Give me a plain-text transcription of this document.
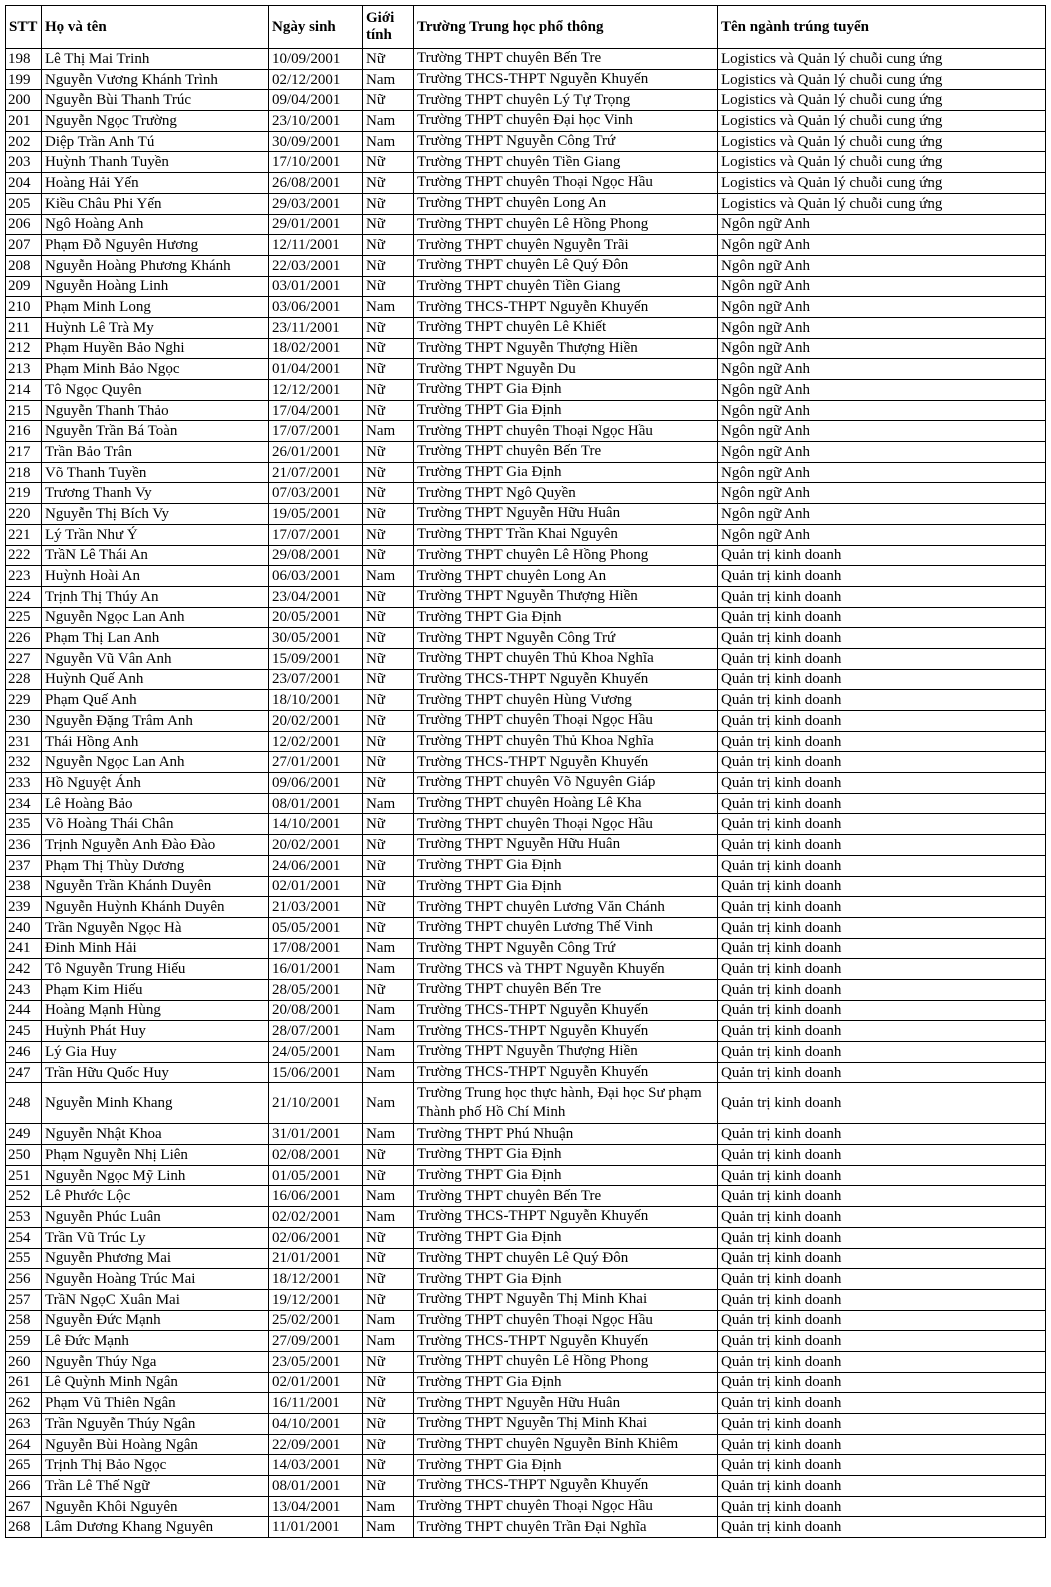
STT	Họ và tên	Ngày sinh	Giới tính	Trường Trung học phổ thông	Tên ngành trúng tuyển
198	Lê Thị Mai Trinh	10/09/2001	Nữ	Trường THPT chuyên Bến Tre	Logistics và Quản lý chuỗi cung ứng
199	Nguyễn Vương Khánh Trình	02/12/2001	Nam	Trường THCS-THPT Nguyễn Khuyến	Logistics và Quản lý chuỗi cung ứng
200	Nguyễn Bùi Thanh Trúc	09/04/2001	Nữ	Trường THPT chuyên Lý Tự Trọng	Logistics và Quản lý chuỗi cung ứng
201	Nguyễn Ngọc Trường	23/10/2001	Nam	Trường THPT chuyên Đại học Vinh	Logistics và Quản lý chuỗi cung ứng
202	Diệp Trần Anh Tú	30/09/2001	Nam	Trường THPT Nguyễn Công Trứ	Logistics và Quản lý chuỗi cung ứng
203	Huỳnh Thanh Tuyền	17/10/2001	Nữ	Trường THPT chuyên Tiền Giang	Logistics và Quản lý chuỗi cung ứng
204	Hoàng Hải Yến	26/08/2001	Nữ	Trường THPT chuyên Thoại Ngọc Hầu	Logistics và Quản lý chuỗi cung ứng
205	Kiều Châu Phi Yến	29/03/2001	Nữ	Trường THPT chuyên Long An	Logistics và Quản lý chuỗi cung ứng
206	Ngô Hoàng Anh	29/01/2001	Nữ	Trường THPT chuyên Lê Hồng Phong	Ngôn ngữ Anh
207	Phạm Đỗ Nguyên Hương	12/11/2001	Nữ	Trường THPT chuyên Nguyễn Trãi	Ngôn ngữ Anh
208	Nguyễn Hoàng Phương Khánh	22/03/2001	Nữ	Trường THPT chuyên Lê Quý Đôn	Ngôn ngữ Anh
209	Nguyễn Hoàng Linh	03/01/2001	Nữ	Trường THPT chuyên Tiền Giang	Ngôn ngữ Anh
210	Phạm Minh Long	03/06/2001	Nam	Trường THCS-THPT Nguyễn Khuyến	Ngôn ngữ Anh
211	Huỳnh Lê Trà My	23/11/2001	Nữ	Trường THPT chuyên Lê Khiết	Ngôn ngữ Anh
212	Phạm Huyền Bảo Nghi	18/02/2001	Nữ	Trường THPT Nguyễn Thượng Hiền	Ngôn ngữ Anh
213	Phạm Minh Bảo Ngọc	01/04/2001	Nữ	Trường THPT Nguyễn Du	Ngôn ngữ Anh
214	Tô Ngọc Quyên	12/12/2001	Nữ	Trường THPT Gia Định	Ngôn ngữ Anh
215	Nguyễn Thanh Thảo	17/04/2001	Nữ	Trường THPT Gia Định	Ngôn ngữ Anh
216	Nguyễn Trần Bá Toàn	17/07/2001	Nam	Trường THPT chuyên Thoại Ngọc Hầu	Ngôn ngữ Anh
217	Trần Bảo Trân	26/01/2001	Nữ	Trường THPT chuyên Bến Tre	Ngôn ngữ Anh
218	Võ Thanh Tuyền	21/07/2001	Nữ	Trường THPT Gia Định	Ngôn ngữ Anh
219	Trương Thanh Vy	07/03/2001	Nữ	Trường THPT Ngô Quyền	Ngôn ngữ Anh
220	Nguyễn Thị Bích Vy	19/05/2001	Nữ	Trường THPT Nguyễn Hữu Huân	Ngôn ngữ Anh
221	Lý Trần Như Ý	17/07/2001	Nữ	Trường THPT Trần Khai Nguyên	Ngôn ngữ Anh
222	TrầN Lê Thái An	29/08/2001	Nữ	Trường THPT chuyên Lê Hồng Phong	Quản trị kinh doanh
223	Huỳnh Hoài An	06/03/2001	Nam	Trường THPT chuyên Long An	Quản trị kinh doanh
224	Trịnh Thị Thúy An	23/04/2001	Nữ	Trường THPT Nguyễn Thượng Hiền	Quản trị kinh doanh
225	Nguyễn Ngọc Lan Anh	20/05/2001	Nữ	Trường THPT Gia Định	Quản trị kinh doanh
226	Phạm Thị Lan Anh	30/05/2001	Nữ	Trường THPT Nguyễn Công Trứ	Quản trị kinh doanh
227	Nguyễn Vũ Vân Anh	15/09/2001	Nữ	Trường THPT chuyên Thủ Khoa Nghĩa	Quản trị kinh doanh
228	Huỳnh Quế Anh	23/07/2001	Nữ	Trường THCS-THPT Nguyễn Khuyến	Quản trị kinh doanh
229	Phạm Quế Anh	18/10/2001	Nữ	Trường THPT chuyên Hùng Vương	Quản trị kinh doanh
230	Nguyễn Đặng Trâm Anh	20/02/2001	Nữ	Trường THPT chuyên Thoại Ngọc Hầu	Quản trị kinh doanh
231	Thái Hồng Anh	12/02/2001	Nữ	Trường THPT chuyên Thủ Khoa Nghĩa	Quản trị kinh doanh
232	Nguyễn Ngọc Lan Anh	27/01/2001	Nữ	Trường THCS-THPT Nguyễn Khuyến	Quản trị kinh doanh
233	Hồ Nguyệt Ánh	09/06/2001	Nữ	Trường THPT chuyên Võ Nguyên Giáp	Quản trị kinh doanh
234	Lê Hoàng Bảo	08/01/2001	Nam	Trường THPT chuyên Hoàng Lê Kha	Quản trị kinh doanh
235	Võ Hoàng Thái Chân	14/10/2001	Nữ	Trường THPT chuyên Thoại Ngọc Hầu	Quản trị kinh doanh
236	Trịnh Nguyễn Anh Đào Đào	20/02/2001	Nữ	Trường THPT Nguyễn Hữu Huân	Quản trị kinh doanh
237	Phạm Thị Thùy Dương	24/06/2001	Nữ	Trường THPT Gia Định	Quản trị kinh doanh
238	Nguyễn Trần Khánh Duyên	02/01/2001	Nữ	Trường THPT Gia Định	Quản trị kinh doanh
239	Nguyễn Huỳnh Khánh Duyên	21/03/2001	Nữ	Trường THPT chuyên Lương Văn Chánh	Quản trị kinh doanh
240	Trần Nguyễn Ngọc Hà	05/05/2001	Nữ	Trường THPT chuyên Lương Thế Vinh	Quản trị kinh doanh
241	Đinh Minh Hải	17/08/2001	Nam	Trường THPT Nguyễn Công Trứ	Quản trị kinh doanh
242	Tô Nguyễn Trung Hiếu	16/01/2001	Nam	Trường THCS và THPT Nguyễn Khuyến	Quản trị kinh doanh
243	Phạm Kim Hiếu	28/05/2001	Nữ	Trường THPT chuyên Bến Tre	Quản trị kinh doanh
244	Hoàng Mạnh Hùng	20/08/2001	Nam	Trường THCS-THPT Nguyễn Khuyến	Quản trị kinh doanh
245	Huỳnh Phát Huy	28/07/2001	Nam	Trường THCS-THPT Nguyễn Khuyến	Quản trị kinh doanh
246	Lý Gia Huy	24/05/2001	Nam	Trường THPT Nguyễn Thượng Hiền	Quản trị kinh doanh
247	Trần Hữu Quốc Huy	15/06/2001	Nam	Trường THCS-THPT Nguyễn Khuyến	Quản trị kinh doanh
248	Nguyễn Minh Khang	21/10/2001	Nam	Trường Trung học thực hành, Đại học Sư phạm Thành phố Hồ Chí Minh	Quản trị kinh doanh
249	Nguyễn Nhật Khoa	31/01/2001	Nam	Trường THPT Phú Nhuận	Quản trị kinh doanh
250	Phạm Nguyễn Nhị Liên	02/08/2001	Nữ	Trường THPT Gia Định	Quản trị kinh doanh
251	Nguyễn Ngọc Mỹ Linh	01/05/2001	Nữ	Trường THPT Gia Định	Quản trị kinh doanh
252	Lê Phước Lộc	16/06/2001	Nam	Trường THPT chuyên Bến Tre	Quản trị kinh doanh
253	Nguyễn Phúc Luân	02/02/2001	Nam	Trường THCS-THPT Nguyễn Khuyến	Quản trị kinh doanh
254	Trần Vũ Trúc Ly	02/06/2001	Nữ	Trường THPT Gia Định	Quản trị kinh doanh
255	Nguyễn Phương Mai	21/01/2001	Nữ	Trường THPT chuyên Lê Quý Đôn	Quản trị kinh doanh
256	Nguyễn Hoàng Trúc Mai	18/12/2001	Nữ	Trường THPT Gia Định	Quản trị kinh doanh
257	TrầN NgọC Xuân Mai	19/12/2001	Nữ	Trường THPT Nguyễn Thị Minh Khai	Quản trị kinh doanh
258	Nguyễn Đức Mạnh	25/02/2001	Nam	Trường THPT chuyên Thoại Ngọc Hầu	Quản trị kinh doanh
259	Lê Đức Mạnh	27/09/2001	Nam	Trường THCS-THPT Nguyễn Khuyến	Quản trị kinh doanh
260	Nguyễn Thúy Nga	23/05/2001	Nữ	Trường THPT chuyên Lê Hồng Phong	Quản trị kinh doanh
261	Lê Quỳnh Minh Ngân	02/01/2001	Nữ	Trường THPT Gia Định	Quản trị kinh doanh
262	Phạm Vũ Thiên Ngân	16/11/2001	Nữ	Trường THPT Nguyễn Hữu Huân	Quản trị kinh doanh
263	Trần Nguyễn Thúy Ngân	04/10/2001	Nữ	Trường THPT Nguyễn Thị Minh Khai	Quản trị kinh doanh
264	Nguyễn Bùi Hoàng Ngân	22/09/2001	Nữ	Trường THPT chuyên Nguyễn Bỉnh Khiêm	Quản trị kinh doanh
265	Trịnh Thị Bảo Ngọc	14/03/2001	Nữ	Trường THPT Gia Định	Quản trị kinh doanh
266	Trần Lê Thế Ngữ	08/01/2001	Nữ	Trường THCS-THPT Nguyễn Khuyến	Quản trị kinh doanh
267	Nguyễn Khôi Nguyên	13/04/2001	Nam	Trường THPT chuyên Thoại Ngọc Hầu	Quản trị kinh doanh
268	Lâm Dương Khang Nguyên	11/01/2001	Nam	Trường THPT chuyên Trần Đại Nghĩa	Quản trị kinh doanh
